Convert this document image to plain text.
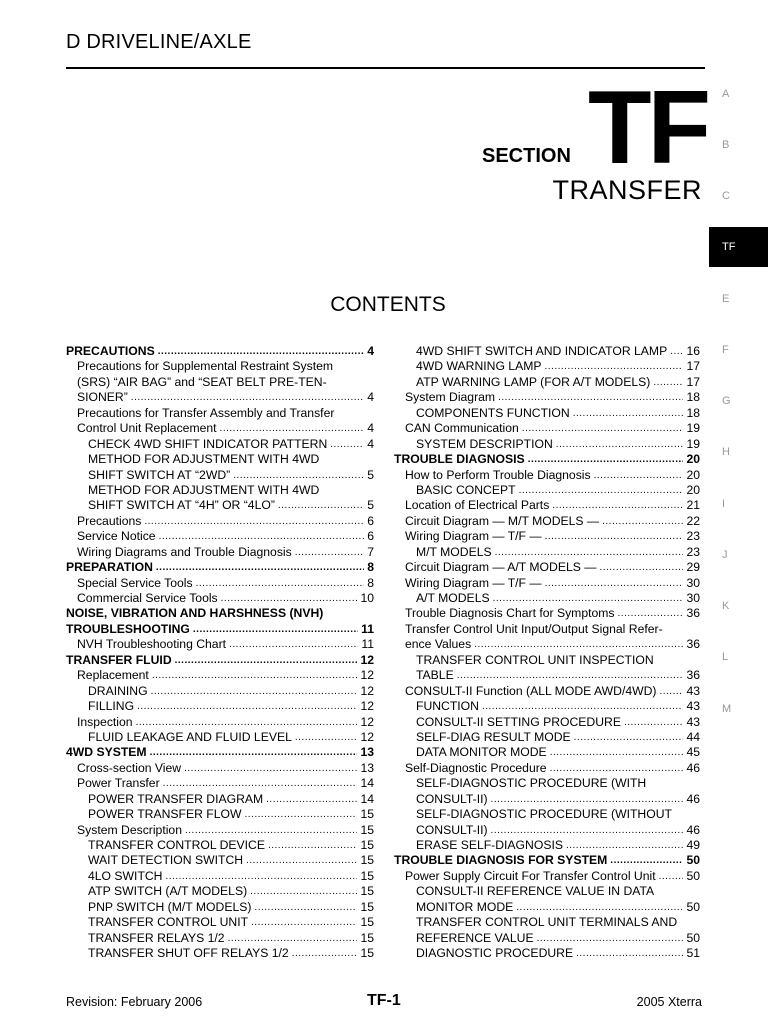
D DRIVELINE/AXLE
SECTION TF
TRANSFER
CONTENTS
A
B
C
TF
E
F
G
H
I
J
K
L
M
PRECAUTIONS .....	4
Precautions for Supplemental Restraint System
(SRS) “AIR BAG” and “SEAT BELT PRE-TEN-
SIONER” .....	4
Precautions for Transfer Assembly and Transfer
Control Unit Replacement .....	4
CHECK 4WD SHIFT INDICATOR PATTERN .....	4
METHOD FOR ADJUSTMENT WITH 4WD
SHIFT SWITCH AT “2WD” .....	5
METHOD FOR ADJUSTMENT WITH 4WD
SHIFT SWITCH AT “4H” OR “4LO” .....	5
Precautions .....	6
Service Notice .....	6
Wiring Diagrams and Trouble Diagnosis .....	7
PREPARATION .....	8
Special Service Tools .....	8
Commercial Service Tools .....	10
NOISE, VIBRATION AND HARSHNESS (NVH)
TROUBLESHOOTING .....	11
NVH Troubleshooting Chart .....	11
TRANSFER FLUID .....	12
Replacement .....	12
DRAINING .....	12
FILLING .....	12
Inspection .....	12
FLUID LEAKAGE AND FLUID LEVEL .....	12
4WD SYSTEM .....	13
Cross-section View .....	13
Power Transfer .....	14
POWER TRANSFER DIAGRAM .....	14
POWER TRANSFER FLOW .....	15
System Description .....	15
TRANSFER CONTROL DEVICE .....	15
WAIT DETECTION SWITCH .....	15
4LO SWITCH .....	15
ATP SWITCH (A/T MODELS) .....	15
PNP SWITCH (M/T MODELS) .....	15
TRANSFER CONTROL UNIT .....	15
TRANSFER RELAYS 1/2 .....	15
TRANSFER SHUT OFF RELAYS 1/2 .....	15
4WD SHIFT SWITCH AND INDICATOR LAMP ..... 16
4WD WARNING LAMP .....	17
ATP WARNING LAMP (FOR A/T MODELS) .....	17
System Diagram .....	18
COMPONENTS FUNCTION .....	18
CAN Communication .....	19
SYSTEM DESCRIPTION .....	19
TROUBLE DIAGNOSIS .....	20
How to Perform Trouble Diagnosis .....	20
BASIC CONCEPT .....	20
Location of Electrical Parts .....	21
Circuit Diagram — M/T MODELS — .....	22
Wiring Diagram — T/F — .....	23
M/T MODELS .....	23
Circuit Diagram — A/T MODELS — .....	29
Wiring Diagram — T/F — .....	30
A/T MODELS .....	30
Trouble Diagnosis Chart for Symptoms .....	36
Transfer Control Unit Input/Output Signal Refer-
ence Values .....	36
TRANSFER CONTROL UNIT INSPECTION
TABLE .....	36
CONSULT-II Function (ALL MODE AWD/4WD) ..... 43
FUNCTION .....	43
CONSULT-II SETTING PROCEDURE .....	43
SELF-DIAG RESULT MODE .....	44
DATA MONITOR MODE .....	45
Self-Diagnostic Procedure .....	46
SELF-DIAGNOSTIC PROCEDURE (WITH
CONSULT-II) .....	46
SELF-DIAGNOSTIC PROCEDURE (WITHOUT
CONSULT-II) .....	46
ERASE SELF-DIAGNOSIS .....	49
TROUBLE DIAGNOSIS FOR SYSTEM .....	50
Power Supply Circuit For Transfer Control Unit .....	50
CONSULT-II REFERENCE VALUE IN DATA
MONITOR MODE .....	50
TRANSFER CONTROL UNIT TERMINALS AND
REFERENCE VALUE .....	50
DIAGNOSTIC PROCEDURE .....	51
Revision: February 2006	TF-1	2005 Xterra
